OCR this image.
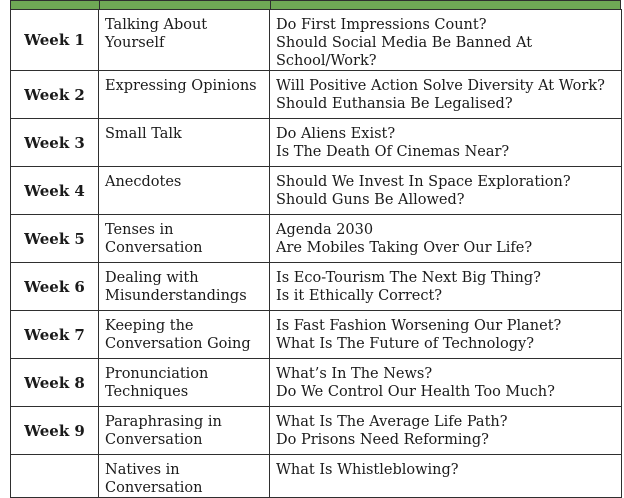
Week 1	Talking About Yourself	Do First Impressions Count?
Should Social Media Be Banned At School/Work?

Week 2	Expressing Opinions	Will Positive Action Solve Diversity At Work?
Should Euthansia Be Legalised?

Week 3	Small Talk	Do Aliens Exist?
Is The Death Of Cinemas Near?

Week 4	Anecdotes	Should We Invest In Space Exploration?
Should Guns Be Allowed?

Week 5	Tenses in Conversation	Agenda 2030
Are Mobiles Taking Over Our Life?

Week 6	Dealing with Misunderstandings	Is Eco-Tourism The Next Big Thing?
Is it Ethically Correct?

Week 7	Keeping the Conversation Going	Is Fast Fashion Worsening Our Planet?
What Is The Future of Technology?

Week 8	Pronunciation Techniques	What’s In The News?
Do We Control Our Health Too Much?

Week 9	Paraphrasing in Conversation	What Is The Average Life Path?
Do Prisons Need Reforming?

	Natives in Conversation	What Is Whistleblowing?
